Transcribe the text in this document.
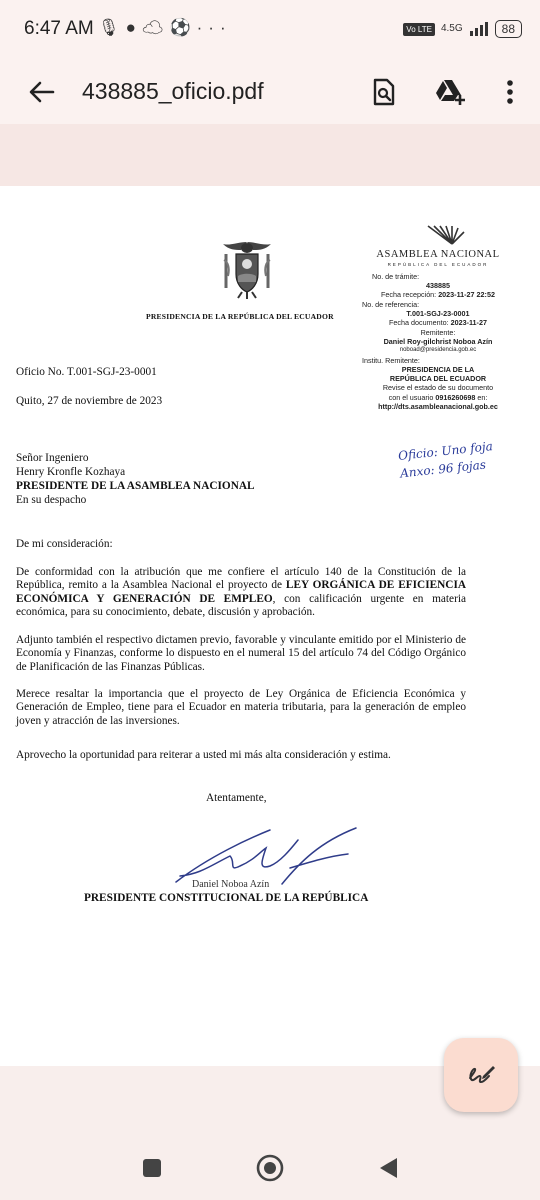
6:47 AM 🎙●☁⚽···	Vo LTE 4.5G	88
438885_oficio.pdf
PRESIDENCIA DE LA REPÚBLICA DEL ECUADOR
ASAMBLEA NACIONAL
REPÚBLICA DEL ECUADOR
No. de trámite:
438885
Fecha recepción: 2023-11-27 22:52
No. de referencia:
T.001-SGJ-23-0001
Fecha documento: 2023-11-27
Remitente:
Daniel Roy-gilchrist Noboa Azín
noboad@presidencia.gob.ec
Institu. Remitente:
PRESIDENCIA DE LA
REPÚBLICA DEL ECUADOR
Revise el estado de su documento
con el usuario 0916260698 en:
http://dts.asambleanacional.gob.ec
Oficio: Uno foja
Anxo: 96 fojas
Oficio No. T.001-SGJ-23-0001
Quito, 27 de noviembre de 2023
Señor Ingeniero
Henry Kronfle Kozhaya
PRESIDENTE DE LA ASAMBLEA NACIONAL
En su despacho
De mi consideración:
De conformidad con la atribución que me confiere el artículo 140 de la Constitución de la República, remito a la Asamblea Nacional el proyecto de LEY ORGÁNICA DE EFICIENCIA ECONÓMICA Y GENERACIÓN DE EMPLEO, con calificación urgente en materia económica, para su conocimiento, debate, discusión y aprobación.
Adjunto también el respectivo dictamen previo, favorable y vinculante emitido por el Ministerio de Economía y Finanzas, conforme lo dispuesto en el numeral 15 del artículo 74 del Código Orgánico de Planificación de las Finanzas Públicas.
Merece resaltar la importancia que el proyecto de Ley Orgánica de Eficiencia Económica y Generación de Empleo, tiene para el Ecuador en materia tributaria, para la generación de empleo joven y atracción de las inversiones.
Aprovecho la oportunidad para reiterar a usted mi más alta consideración y estima.
Atentamente,
Daniel Noboa Azín
PRESIDENTE CONSTITUCIONAL DE LA REPÚBLICA
